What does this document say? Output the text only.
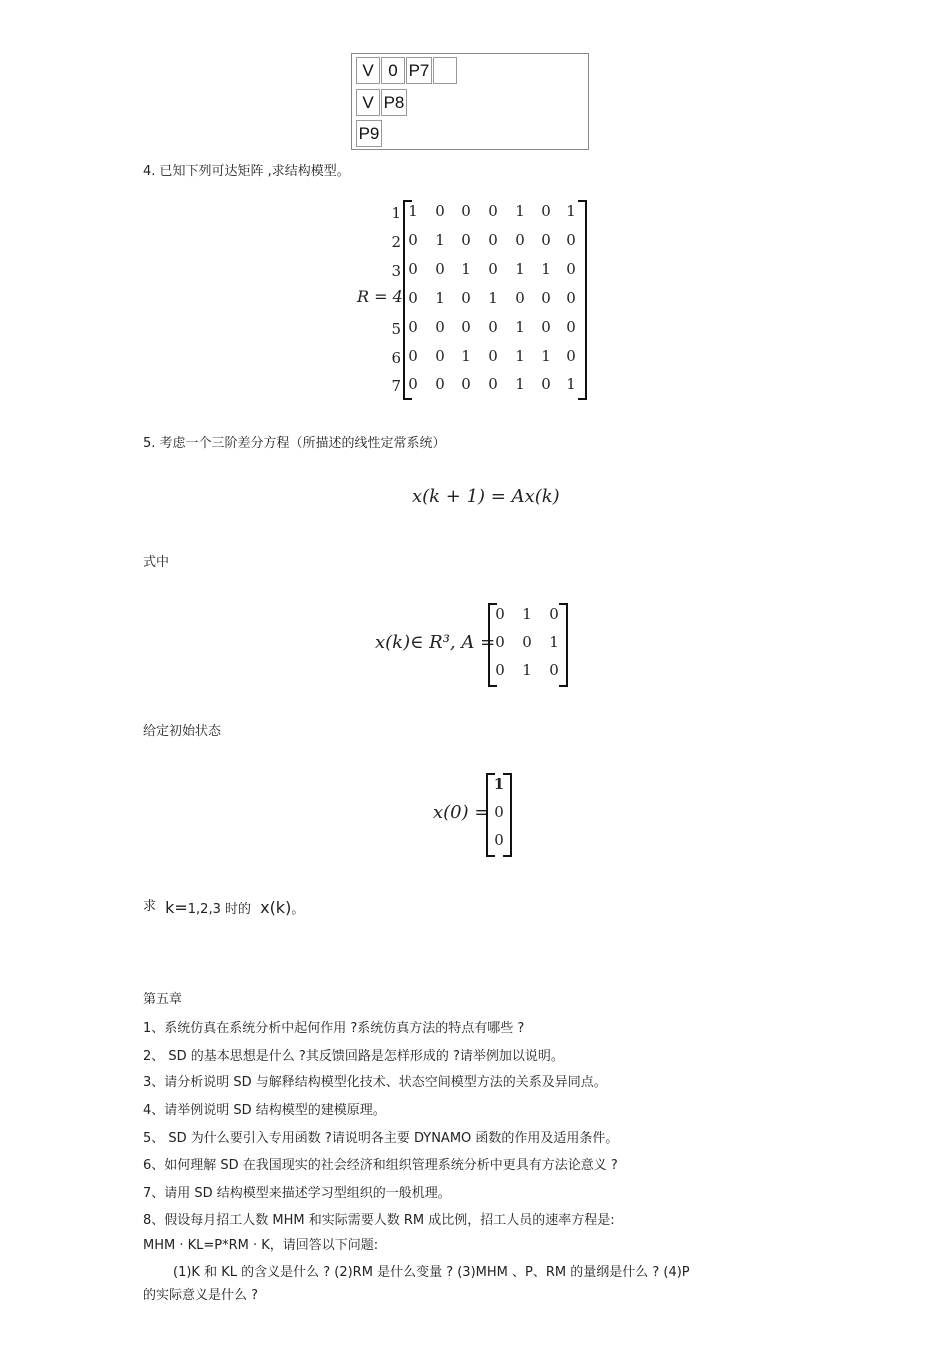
V 0 P7
V P8
P9
4. 已知下列可达矩阵 ,求结构模型。
R = 4
1
2
3
5
6
7
1 0 0 0 1 0 1
0 1 0 0 0 0 0
0 0 1 0 1 1 0
0 1 0 1 0 0 0
0 0 0 0 1 0 0
0 0 1 0 1 1 0
0 0 0 0 1 0 1
5. 考虑一个三阶差分方程（所描述的线性定常系统）
x(k + 1) = Ax(k)
式中
x(k)∈ R³, A =
0 1 0
0 0 1
0 1 0
给定初始状态
x(0) =
1
0
0
求 k=1,2,3 时的 x(k)。
第五章
1、系统仿真在系统分析中起何作用 ?系统仿真方法的特点有哪些 ?
2、 SD 的基本思想是什么 ?其反馈回路是怎样形成的 ?请举例加以说明。
3、请分析说明 SD 与解释结构模型化技术、状态空间模型方法的关系及异同点。
4、请举例说明 SD 结构模型的建模原理。
5、 SD 为什么要引入专用函数 ?请说明各主要 DYNAMO 函数的作用及适用条件。
6、如何理解 SD 在我国现实的社会经济和组织管理系统分析中更具有方法论意义 ?
7、请用 SD 结构模型来描述学习型组织的一般机理。
8、假设每月招工人数 MHM 和实际需要人数 RM 成比例，招工人员的速率方程是:
MHM · KL=P*RM · K，请回答以下问题:
(1)K 和 KL 的含义是什么 ? (2)RM 是什么变量 ? (3)MHM 、P、RM 的量纲是什么 ? (4)P
的实际意义是什么 ?
